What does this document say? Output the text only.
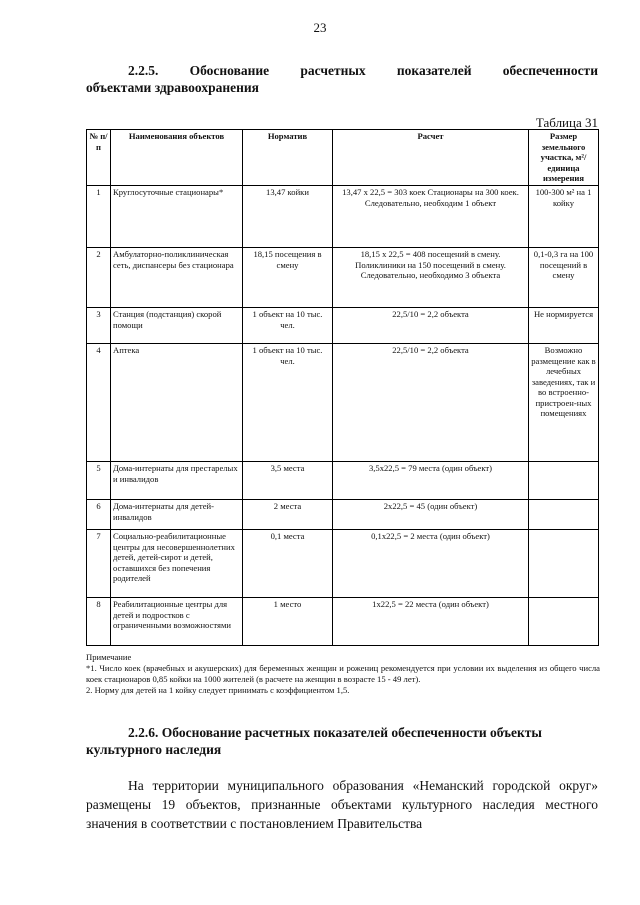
23
2.2.5. Обоснование расчетных показателей обеспеченности
объектами здравоохранения
Таблица 31
№ п/п	Наименования объектов	Норматив	Расчет	Размер земельного участка, м²/ единица измерения
1	Круглосуточные стационары*	13,47 койки	13,47 х 22,5 = 303 коек Стационары на 300 коек. Следовательно, необходим 1 объект	100-300 м² на 1 койку
2	Амбулаторно-поликлиническая сеть, диспансеры без стационара	18,15 посещения в смену	18,15 х 22,5 = 408 посещений в смену. Поликлиники на 150 посещений в смену. Следовательно, необходимо 3 объекта	0,1-0,3 га на 100 посещений в смену
3	Станция (подстанция) скорой помощи	1 объект на 10 тыс. чел.	22,5/10 = 2,2 объекта	Не нормируется
4	Аптека	1 объект на 10 тыс. чел.	22,5/10 = 2,2 объекта	Возможно размещение как в лечебных заведениях, так и во встроенно-пристроен-ных помещениях
5	Дома-интернаты для престарелых и инвалидов	3,5 места	3,5х22,5 = 79 места (один объект)	
6	Дома-интернаты для детей-инвалидов	2 места	2х22,5 = 45 (один объект)	
7	Социально-реабилитационные центры для несовершеннолетних детей, детей-сирот и детей, оставшихся без попечения родителей	0,1 места	0,1х22,5 = 2 места (один объект)	
8	Реабилитационные центры для детей и подростков с ограниченными возможностями	1 место	1х22,5 = 22 места (один объект)	

Примечание

*1. Число коек (врачебных и акушерских) для беременных женщин и рожениц рекомендуется при условии их выделения из общего числа коек стационаров 0,85 койки на 1000 жителей (в расчете на женщин в возрасте 15 - 49 лет).

2. Норму для детей на 1 койку следует принимать с коэффициентом 1,5.

2.2.6. Обоснование расчетных показателей обеспеченности объекты
культурного наследия
На территории муниципального образования «Неманский городской округ» размещены 19 объектов, признанные объектами культурного наследия местного значения в соответствии с постановлением Правительства
